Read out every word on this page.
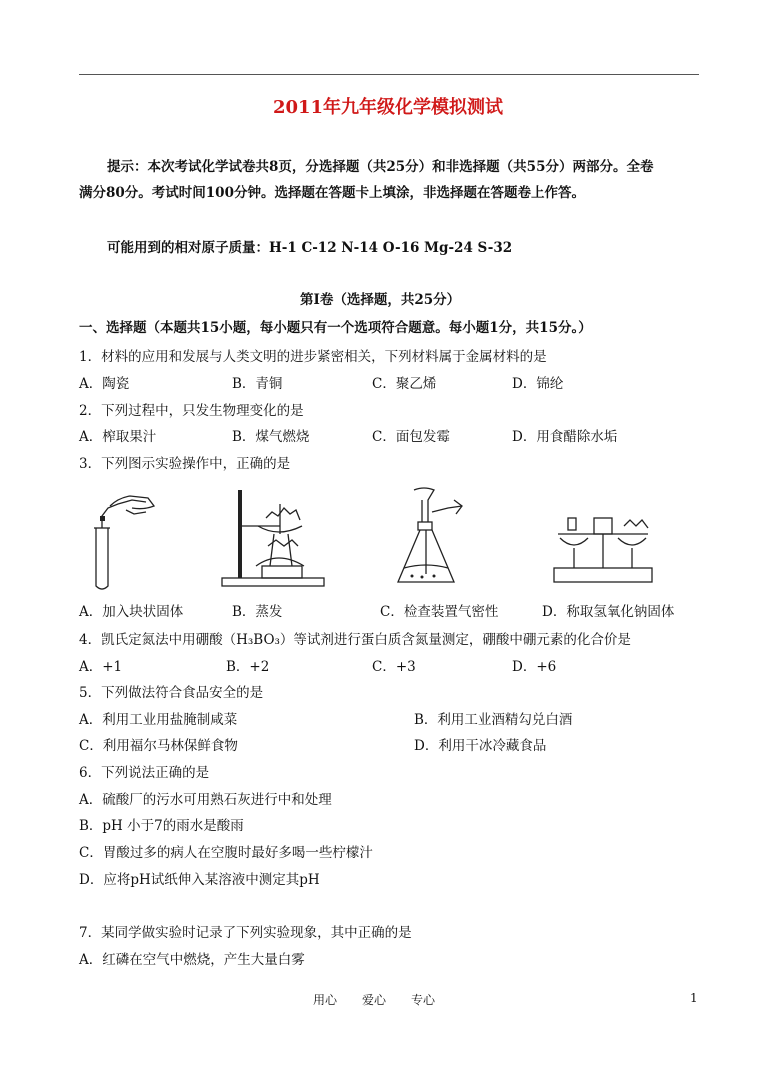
2011年九年级化学模拟测试
提示：本次考试化学试卷共8页，分选择题（共25分）和非选择题（共55分）两部分。全卷
满分80分。考试时间100分钟。选择题在答题卡上填涂，非选择题在答题卷上作答。
可能用到的相对原子质量：H-1 C-12 N-14 O-16 Mg-24 S-32
第Ⅰ卷（选择题，共25分）
一、选择题（本题共15小题，每小题只有一个选项符合题意。每小题1分，共15分。）
1．材料的应用和发展与人类文明的进步紧密相关，下列材料属于金属材料的是
A．陶瓷	B．青铜	C．聚乙烯	D．锦纶
2．下列过程中，只发生物理变化的是
A．榨取果汁	B．煤气燃烧	C．面包发霉	D．用食醋除水垢
3．下列图示实验操作中，正确的是
A．加入块状固体	B．蒸发	C．检查装置气密性	D．称取氢氧化钠固体
4．凯氏定氮法中用硼酸（H₃BO₃）等试剂进行蛋白质含氮量测定，硼酸中硼元素的化合价是
A．+1	B．+2	C．+3	D．+6
5．下列做法符合食品安全的是
A．利用工业用盐腌制咸菜	B．利用工业酒精勾兑白酒
C．利用福尔马林保鲜食物	D．利用干冰冷藏食品
6．下列说法正确的是
A．硫酸厂的污水可用熟石灰进行中和处理
B．pH 小于7的雨水是酸雨
C．胃酸过多的病人在空腹时最好多喝一些柠檬汁
D．应将pH试纸伸入某溶液中测定其pH
7．某同学做实验时记录了下列实验现象，其中正确的是
A．红磷在空气中燃烧，产生大量白雾
用心 爱心 专心	1
